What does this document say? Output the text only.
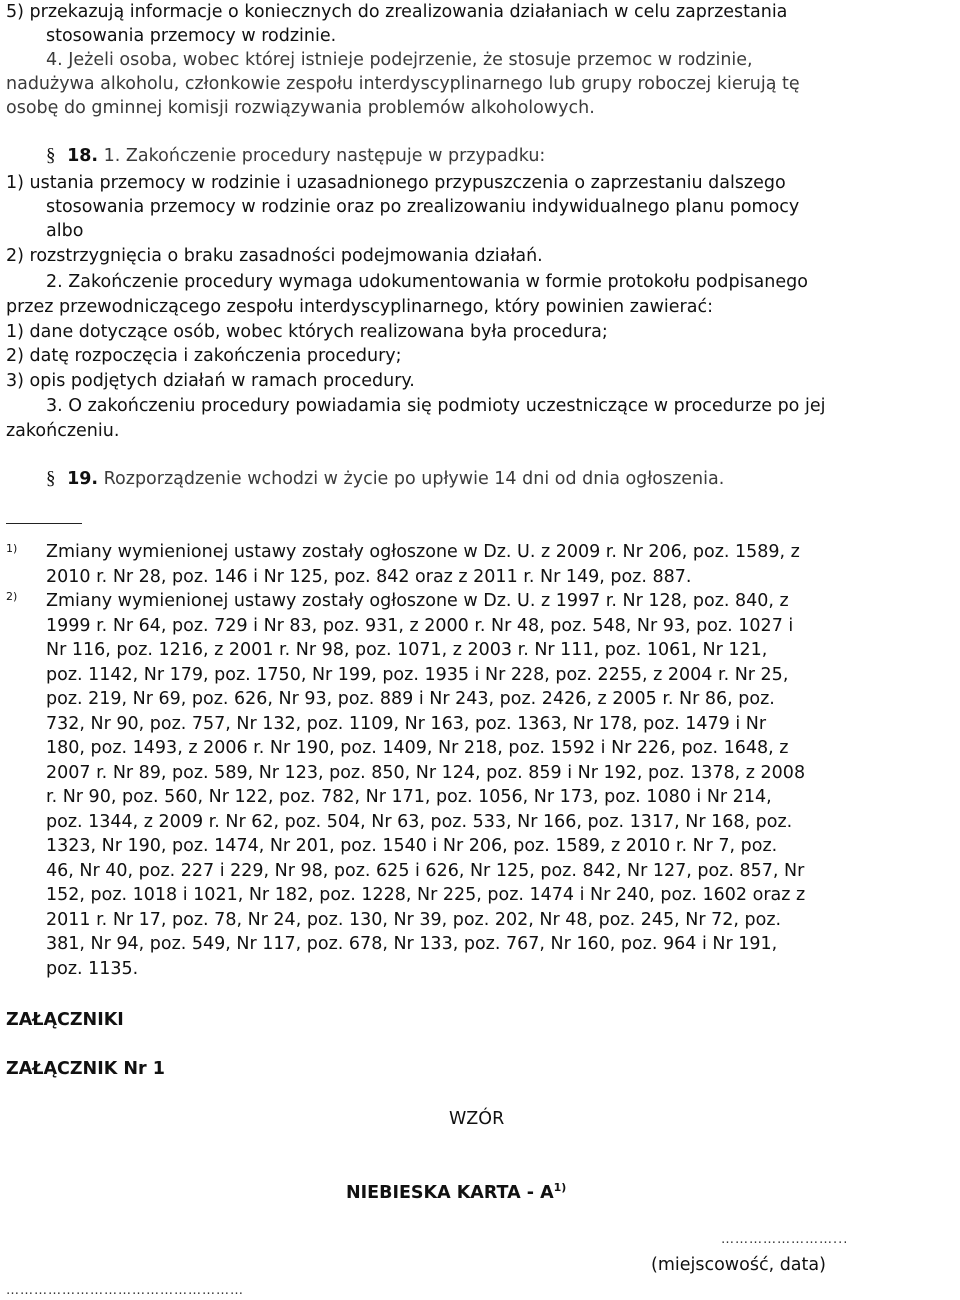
5) przekazują informacje o koniecznych do zrealizowania działaniach w celu zaprzestania
stosowania przemocy w rodzinie.
4. Jeżeli osoba, wobec której istnieje podejrzenie, że stosuje przemoc w rodzinie,
nadużywa alkoholu, członkowie zespołu interdyscyplinarnego lub grupy roboczej kierują tę
osobę do gminnej komisji rozwiązywania problemów alkoholowych.
§ 18. 1. Zakończenie procedury następuje w przypadku:
1) ustania przemocy w rodzinie i uzasadnionego przypuszczenia o zaprzestaniu dalszego
stosowania przemocy w rodzinie oraz po zrealizowaniu indywidualnego planu pomocy
albo
2) rozstrzygnięcia o braku zasadności podejmowania działań.
2. Zakończenie procedury wymaga udokumentowania w formie protokołu podpisanego
przez przewodniczącego zespołu interdyscyplinarnego, który powinien zawierać:
1) dane dotyczące osób, wobec których realizowana była procedura;
2) datę rozpoczęcia i zakończenia procedury;
3) opis podjętych działań w ramach procedury.
3. O zakończeniu procedury powiadamia się podmioty uczestniczące w procedurze po jej
zakończeniu.
§ 19. Rozporządzenie wchodzi w życie po upływie 14 dni od dnia ogłoszenia.
1) Zmiany wymienionej ustawy zostały ogłoszone w Dz. U. z 2009 r. Nr 206, poz. 1589, z
2010 r. Nr 28, poz. 146 i Nr 125, poz. 842 oraz z 2011 r. Nr 149, poz. 887.
2) Zmiany wymienionej ustawy zostały ogłoszone w Dz. U. z 1997 r. Nr 128, poz. 840, z
1999 r. Nr 64, poz. 729 i Nr 83, poz. 931, z 2000 r. Nr 48, poz. 548, Nr 93, poz. 1027 i
Nr 116, poz. 1216, z 2001 r. Nr 98, poz. 1071, z 2003 r. Nr 111, poz. 1061, Nr 121,
poz. 1142, Nr 179, poz. 1750, Nr 199, poz. 1935 i Nr 228, poz. 2255, z 2004 r. Nr 25,
poz. 219, Nr 69, poz. 626, Nr 93, poz. 889 i Nr 243, poz. 2426, z 2005 r. Nr 86, poz.
732, Nr 90, poz. 757, Nr 132, poz. 1109, Nr 163, poz. 1363, Nr 178, poz. 1479 i Nr
180, poz. 1493, z 2006 r. Nr 190, poz. 1409, Nr 218, poz. 1592 i Nr 226, poz. 1648, z
2007 r. Nr 89, poz. 589, Nr 123, poz. 850, Nr 124, poz. 859 i Nr 192, poz. 1378, z 2008
r. Nr 90, poz. 560, Nr 122, poz. 782, Nr 171, poz. 1056, Nr 173, poz. 1080 i Nr 214,
poz. 1344, z 2009 r. Nr 62, poz. 504, Nr 63, poz. 533, Nr 166, poz. 1317, Nr 168, poz.
1323, Nr 190, poz. 1474, Nr 201, poz. 1540 i Nr 206, poz. 1589, z 2010 r. Nr 7, poz.
46, Nr 40, poz. 227 i 229, Nr 98, poz. 625 i 626, Nr 125, poz. 842, Nr 127, poz. 857, Nr
152, poz. 1018 i 1021, Nr 182, poz. 1228, Nr 225, poz. 1474 i Nr 240, poz. 1602 oraz z
2011 r. Nr 17, poz. 78, Nr 24, poz. 130, Nr 39, poz. 202, Nr 48, poz. 245, Nr 72, poz.
381, Nr 94, poz. 549, Nr 117, poz. 678, Nr 133, poz. 767, Nr 160, poz. 964 i Nr 191,
poz. 1135.
ZAŁĄCZNIKI
ZAŁĄCZNIK Nr 1
WZÓR
NIEBIESKA KARTA - $A^{1)}$
……………………...
(miejscowość, data)
……………………………………………
